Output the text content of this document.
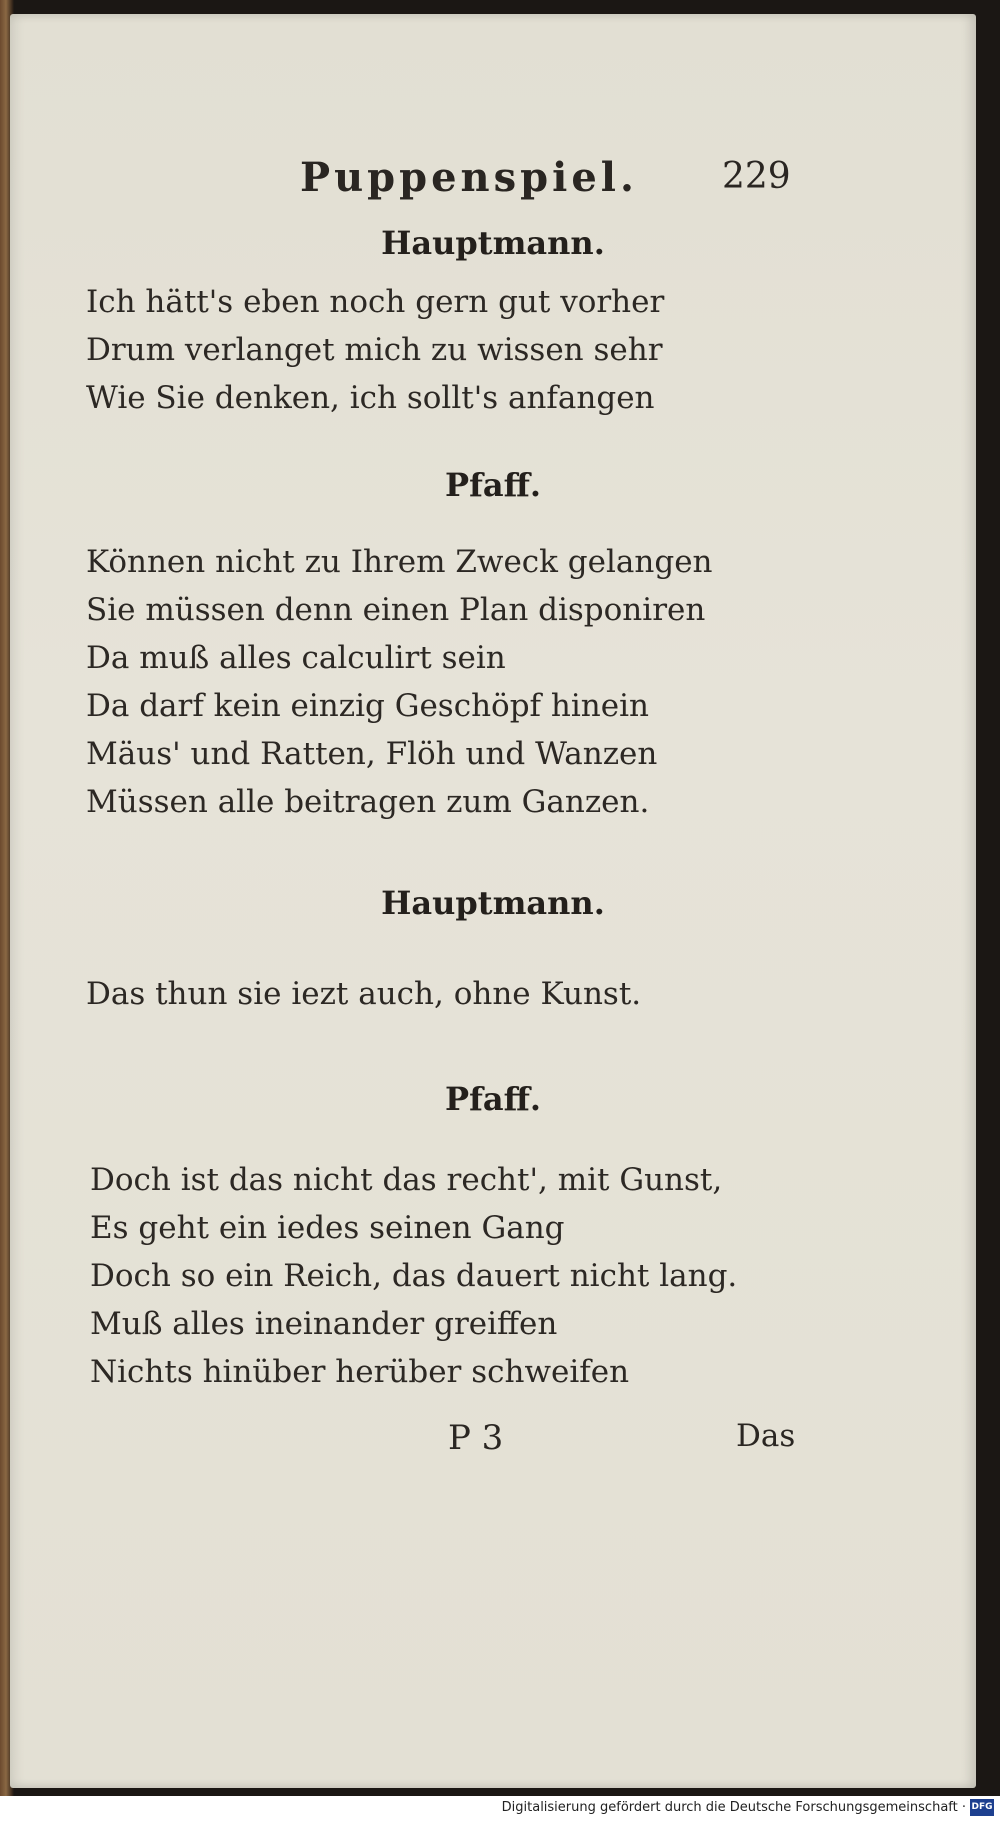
Puppenspiel. 229
Hauptmann.
Ich hätt's eben noch gern gut vorher
Drum verlanget mich zu wissen sehr
Wie Sie denken, ich sollt's anfangen
Pfaff.
Können nicht zu Ihrem Zweck gelangen
Sie müssen denn einen Plan disponiren
Da muß alles calculirt sein
Da darf kein einzig Geschöpf hinein
Mäus' und Ratten, Flöh und Wanzen
Müssen alle beitragen zum Ganzen.
Hauptmann.
Das thun sie iezt auch, ohne Kunst.
Pfaff.
Doch ist das nicht das recht', mit Gunst,
Es geht ein iedes seinen Gang
Doch so ein Reich, das dauert nicht lang.
Muß alles ineinander greiffen
Nichts hinüber herüber schweifen
P 3	Das
Digitalisierung gefördert durch die Deutsche Forschungsgemeinschaft · DFG
